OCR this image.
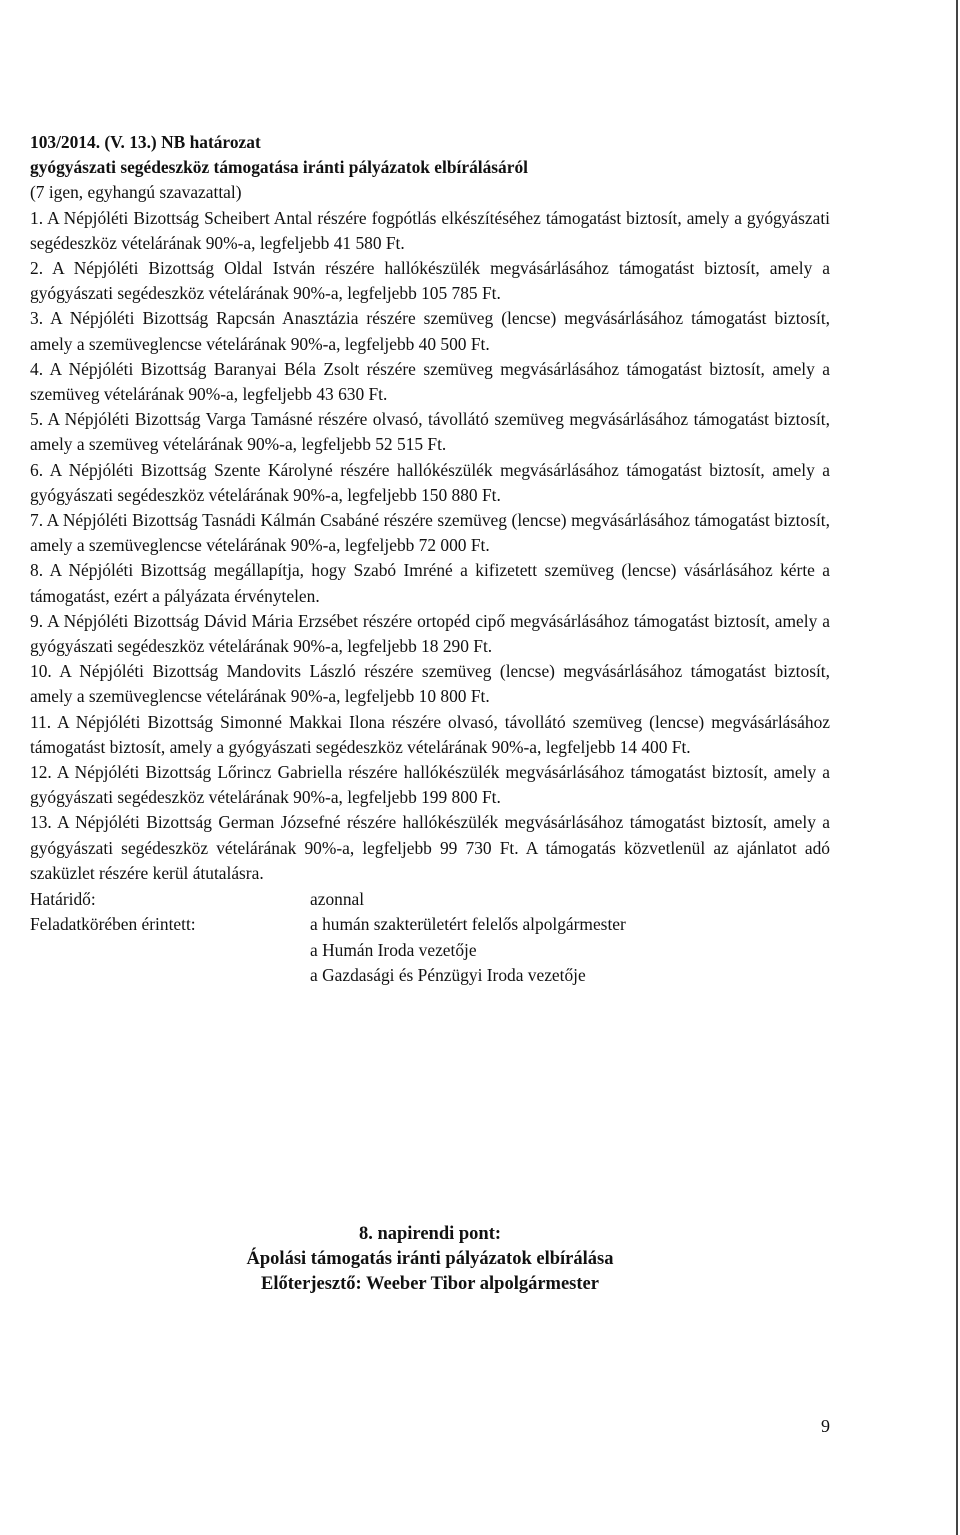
103/2014. (V. 13.) NB határozat

gyógyászati segédeszköz támogatása iránti pályázatok elbírálásáról

(7 igen, egyhangú szavazattal)

1. A Népjóléti Bizottság Scheibert Antal részére fogpótlás elkészítéséhez támogatást biztosít, amely a gyógyászati segédeszköz vételárának 90%-a, legfeljebb 41 580 Ft.

2. A Népjóléti Bizottság Oldal István részére hallókészülék megvásárlásához támogatást biztosít, amely a gyógyászati segédeszköz vételárának 90%-a, legfeljebb 105 785 Ft.

3. A Népjóléti Bizottság Rapcsán Anasztázia részére szemüveg (lencse) megvásárlásához támogatást biztosít, amely a szemüveglencse vételárának 90%-a, legfeljebb 40 500 Ft.

4. A Népjóléti Bizottság Baranyai Béla Zsolt részére szemüveg megvásárlásához támogatást biztosít, amely a szemüveg vételárának 90%-a, legfeljebb 43 630 Ft.

5. A Népjóléti Bizottság Varga Tamásné részére olvasó, távollátó szemüveg megvásárlásához támogatást biztosít, amely a szemüveg vételárának 90%-a, legfeljebb 52 515 Ft.

6. A Népjóléti Bizottság Szente Károlyné részére hallókészülék megvásárlásához támogatást biztosít, amely a gyógyászati segédeszköz vételárának 90%-a, legfeljebb 150 880 Ft.

7. A Népjóléti Bizottság Tasnádi Kálmán Csabáné részére szemüveg (lencse) megvásárlásához támogatást biztosít, amely a szemüveglencse vételárának 90%-a, legfeljebb 72 000 Ft.

8. A Népjóléti Bizottság megállapítja, hogy Szabó Imréné a kifizetett szemüveg (lencse) vásárlásához kérte a támogatást, ezért a pályázata érvénytelen.

9. A Népjóléti Bizottság Dávid Mária Erzsébet részére ortopéd cipő megvásárlásához támogatást biztosít, amely a gyógyászati segédeszköz vételárának 90%-a, legfeljebb 18 290 Ft.

10. A Népjóléti Bizottság Mandovits László részére szemüveg (lencse) megvásárlásához támogatást biztosít, amely a szemüveglencse vételárának 90%-a, legfeljebb 10 800 Ft.

11. A Népjóléti Bizottság Simonné Makkai Ilona részére olvasó, távollátó szemüveg (lencse) megvásárlásához támogatást biztosít, amely a gyógyászati segédeszköz vételárának 90%-a, legfeljebb 14 400 Ft.

12. A Népjóléti Bizottság Lőrincz Gabriella részére hallókészülék megvásárlásához támogatást biztosít, amely a gyógyászati segédeszköz vételárának 90%-a, legfeljebb 199 800 Ft.

13. A Népjóléti Bizottság German Józsefné részére hallókészülék megvásárlásához támogatást biztosít, amely a gyógyászati segédeszköz vételárának 90%-a, legfeljebb 99 730 Ft. A támogatás közvetlenül az ajánlatot adó szaküzlet részére kerül átutalásra.

Határidő:	azonnal
Feladatkörében érintett:	a humán szakterületért felelős alpolgármester
a Humán Iroda vezetője
a Gazdasági és Pénzügyi Iroda vezetője

8. napirendi pont:

Ápolási támogatás iránti pályázatok elbírálása

Előterjesztő: Weeber Tibor alpolgármester

9
